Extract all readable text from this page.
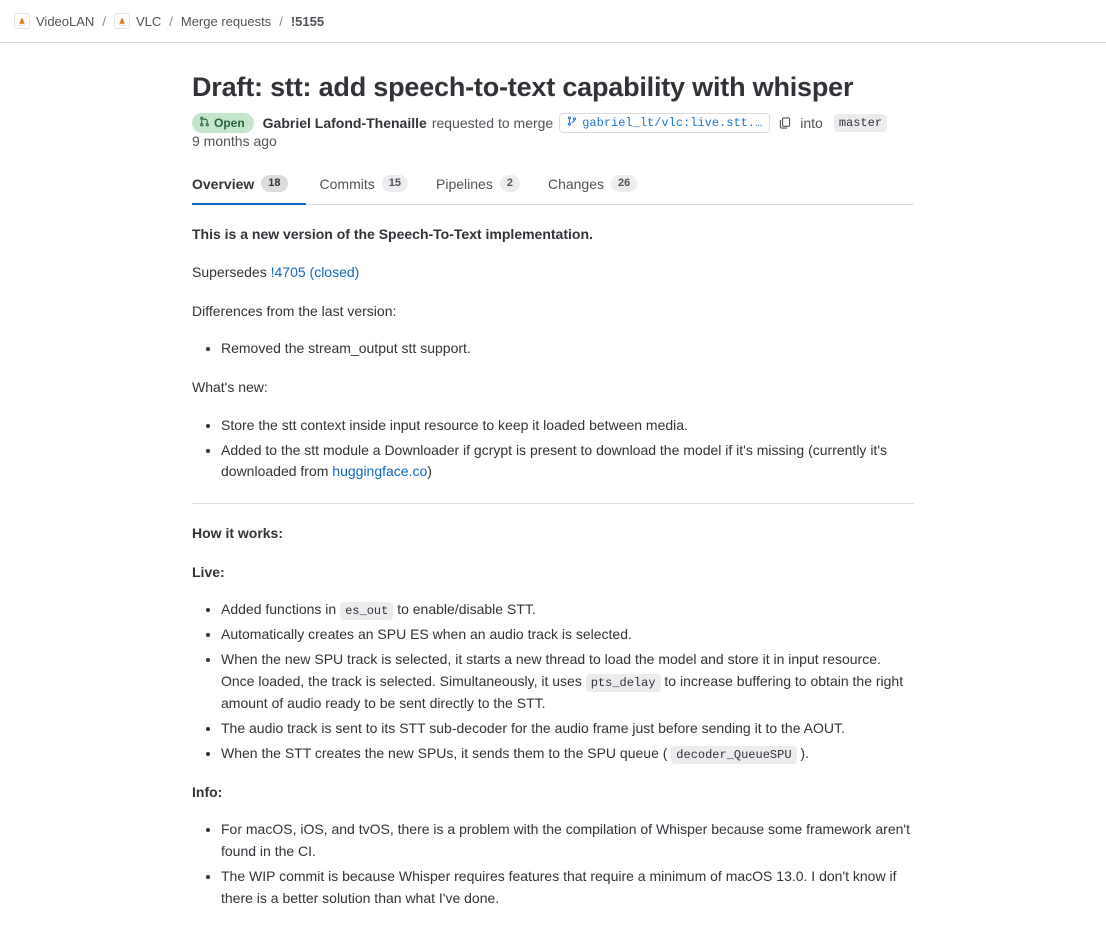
VideoLAN / VLC / Merge requests / !5155
Draft: stt: add speech-to-text capability with whisper
Open Gabriel Lafond-Thenaille requested to merge gabriel_lt/vlc:live.stt.…	into	master
9 months ago
Overview	18	Commits	15	Pipelines	2	Changes	26

This is a new version of the Speech-To-Text implementation.

Supersedes !4705 (closed)

Differences from the last version:

• Removed the stream_output stt support.

What's new:

• Store the stt context inside input resource to keep it loaded between media.
• Added to the stt module a Downloader if gcrypt is present to download the model if it's missing (currently it's downloaded from huggingface.co)

How it works:

Live:

• Added functions in es_out to enable/disable STT.
• Automatically creates an SPU ES when an audio track is selected.
• When the new SPU track is selected, it starts a new thread to load the model and store it in input resource. Once loaded, the track is selected. Simultaneously, it uses pts_delay to increase buffering to obtain the right amount of audio ready to be sent directly to the STT.
• The audio track is sent to its STT sub-decoder for the audio frame just before sending it to the AOUT.
• When the STT creates the new SPUs, it sends them to the SPU queue ( decoder_QueueSPU ).

Info:

• For macOS, iOS, and tvOS, there is a problem with the compilation of Whisper because some framework aren't found in the CI.
• The WIP commit is because Whisper requires features that require a minimum of macOS 13.0. I don't know if there is a better solution than what I've done.
